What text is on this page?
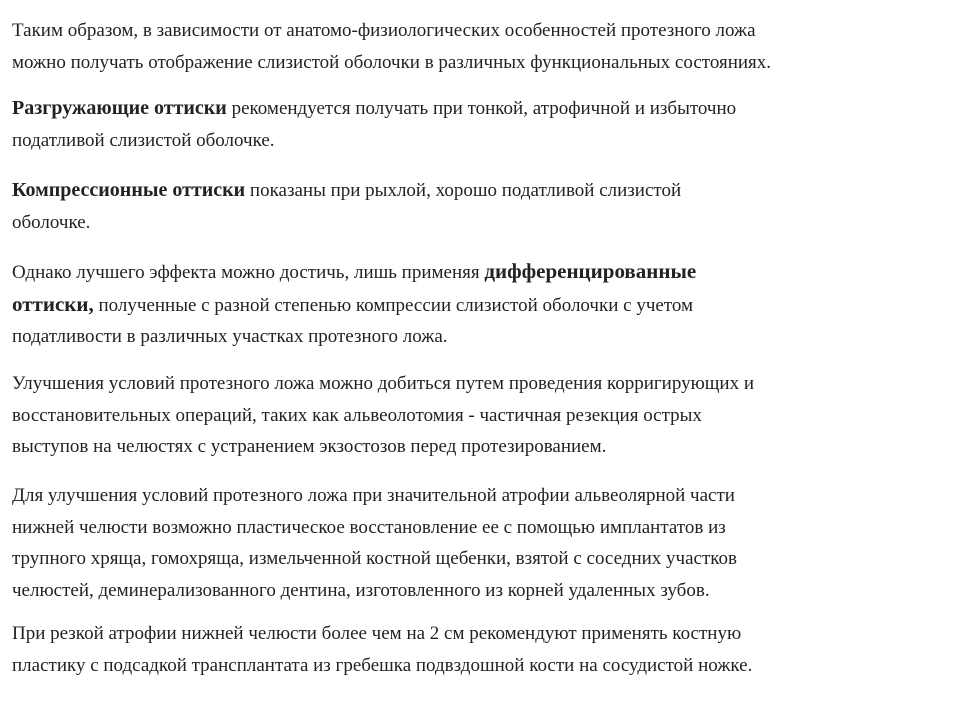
Таким образом, в зависимости от анатомо-физиологических особенностей протезного ложа
можно получать отображение слизистой оболочки в различных функциональных состояниях.

Разгружающие оттиски рекомендуется получать при тонкой, атрофичной и избыточно
податливой слизистой оболочке.

Компрессионные оттиски показаны при рыхлой, хорошо податливой слизистой
оболочке.

Однако лучшего эффекта можно достичь, лишь применяя дифференцированные
оттиски, полученные с разной степенью компрессии слизистой оболочки с учетом
податливости в различных участках протезного ложа.

Улучшения условий протезного ложа можно добиться путем проведения корригирующих и
восстановительных операций, таких как альвеолотомия - частичная резекция острых
выступов на челюстях с устранением экзостозов перед протезированием.

Для улучшения условий протезного ложа при значительной атрофии альвеолярной части
нижней челюсти возможно пластическое восстановление ее с помощью имплантатов из
трупного хряща, гомохряща, измельченной костной щебенки, взятой с соседних участков
челюстей, деминерализованного дентина, изготовленного из корней удаленных зубов.

При резкой атрофии нижней челюсти более чем на 2 см рекомендуют применять костную
пластику с подсадкой трансплантата из гребешка подвздошной кости на сосудистой ножке.
